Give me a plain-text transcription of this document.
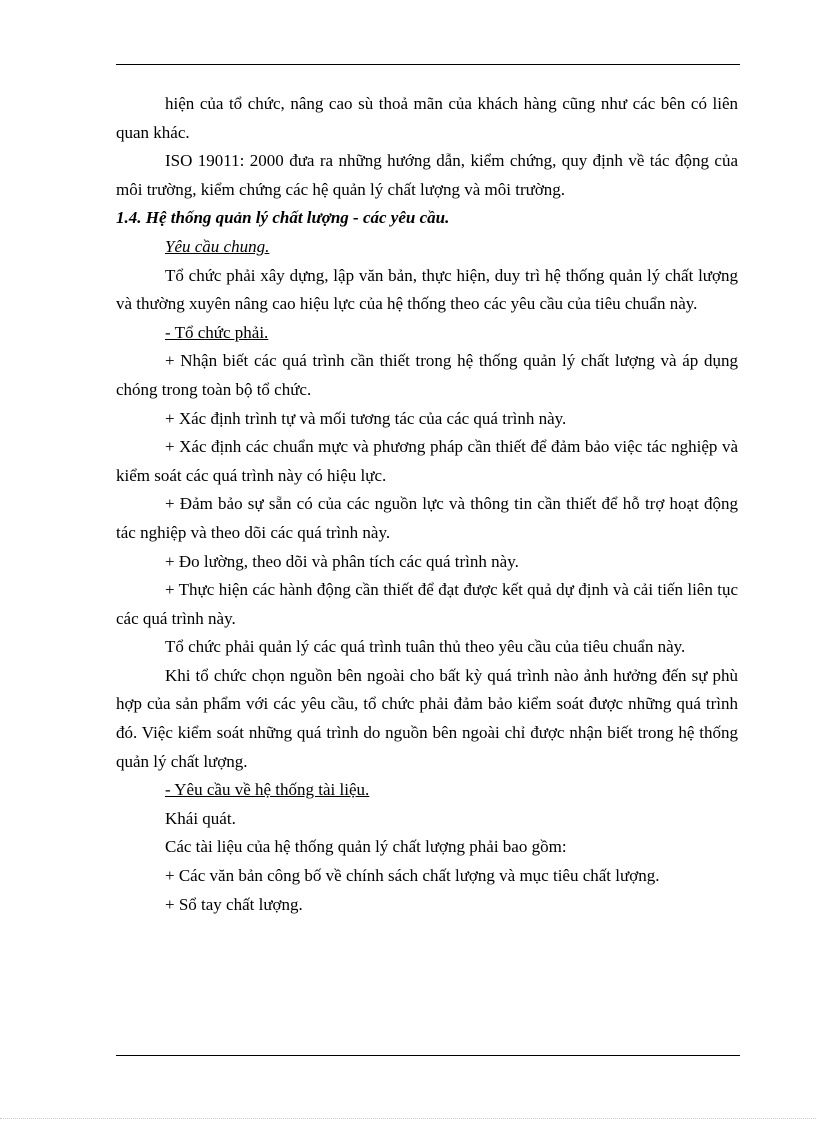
hiện của tổ chức, nâng cao sù thoả mãn của khách hàng cũng như các bên có liên quan khác.

ISO 19011: 2000 đưa ra những hướng dẫn, kiểm chứng, quy định về tác động của môi trường, kiểm chứng các hệ quản lý chất lượng và môi trường.

1.4. Hệ thống quản lý chất lượng - các yêu cầu.

Yêu cầu chung.

Tổ chức phải xây dựng, lập văn bản, thực hiện, duy trì hệ thống quản lý chất lượng và thường xuyên nâng cao hiệu lực của hệ thống theo các yêu cầu của tiêu chuẩn này.

- Tổ chức phải.

+ Nhận biết các quá trình cần thiết trong hệ thống quản lý chất lượng và áp dụng chóng trong toàn bộ tổ chức.

+ Xác định trình tự và mối tương tác của các quá trình này.

+ Xác định các chuẩn mực và phương pháp cần thiết để đảm bảo việc tác nghiệp và kiểm soát các quá trình này có hiệu lực.

+ Đảm bảo sự sẵn có của các nguồn lực và thông tin cần thiết để hỗ trợ hoạt động tác nghiệp và theo dõi các quá trình này.

+ Đo lường, theo dõi và phân tích các quá trình này.

+ Thực hiện các hành động cần thiết để đạt được kết quả dự định và cải tiến liên tục các quá trình này.

Tổ chức phải quản lý các quá trình tuân thủ theo yêu cầu của tiêu chuẩn này.

Khi tổ chức chọn nguồn bên ngoài cho bất kỳ quá trình nào ảnh hưởng đến sự phù hợp của sản phẩm với các yêu cầu, tổ chức phải đảm bảo kiểm soát được những quá trình đó. Việc kiểm soát những quá trình do nguồn bên ngoài chỉ được nhận biết trong hệ thống quản lý chất lượng.

- Yêu cầu về hệ thống tài liệu.

Khái quát.

Các tài liệu của hệ thống quản lý chất lượng phải bao gồm:

+ Các văn bản công bố về chính sách chất lượng và mục tiêu chất lượng.

+ Sổ tay chất lượng.
